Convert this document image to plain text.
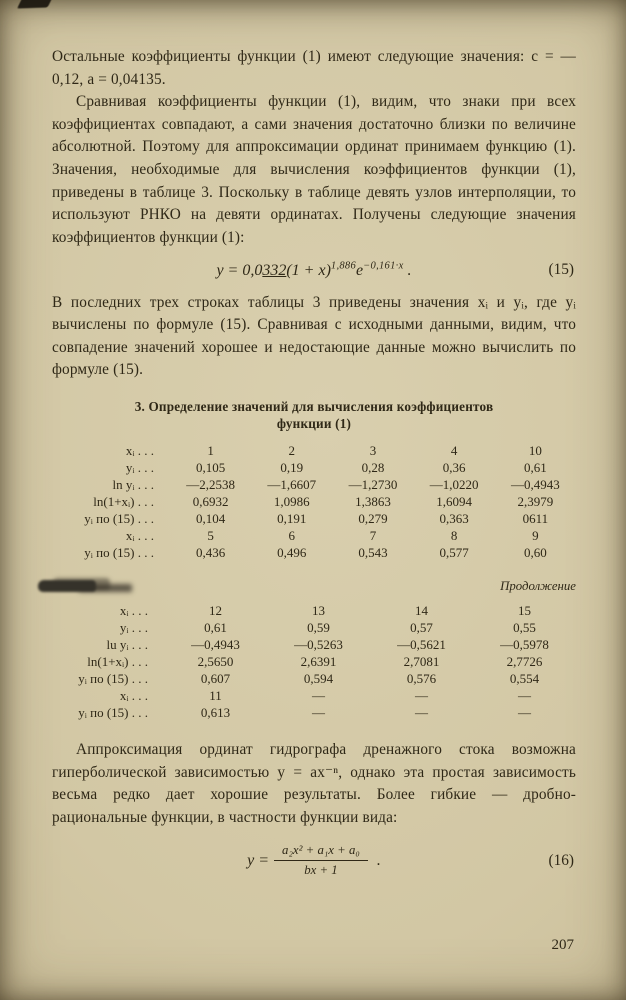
Остальные коэффициенты функции (1) имеют следующие значения: c = —0,12, a = 0,04135.

Сравнивая коэффициенты функции (1), видим, что знаки при всех коэффициентах совпадают, а сами значения достаточно близки по величине абсолютной. Поэтому для аппроксимации ординат принимаем функцию (1). Значения, необходимые для вычисления коэффициентов функции (1), приведены в таблице 3. Поскольку в таблице девять узлов интерполяции, то используют РНКО на девяти ординатах. Получены следующие значения коэффициентов функции (1):

$y = 0,0332(1 + x)^{1,886}e^{-0,161\cdot x}$ .	(15)

В последних трех строках таблицы 3 приведены значения xᵢ и yᵢ, где yᵢ вычислены по формуле (15). Сравнивая с исходными данными, видим, что совпадение значений хорошее и недостающие данные можно вычислить по формуле (15).

3. Определение значений для вычисления коэффициентов
функции (1)
xᵢ . . .	1	2	3	4	10
yᵢ . . .	0,105	0,19	0,28	0,36	0,61
ln yᵢ . . .	—2,2538	—1,6607	—1,2730	—1,0220	—0,4943
ln(1+xᵢ) . . .	0,6932	1,0986	1,3863	1,6094	2,3979
yᵢ по (15) . . .	0,104	0,191	0,279	0,363	0611
xᵢ . . .	5	6	7	8	9
yᵢ по (15) . . .	0,436	0,496	0,543	0,577	0,60
Продолжение
xᵢ . . .	12	13	14	15
yᵢ . . .	0,61	0,59	0,57	0,55
lu yᵢ . . .	—0,4943	—0,5263	—0,5621	—0,5978
ln(1+xᵢ) . . .	2,5650	2,6391	2,7081	2,7726
yᵢ по (15) . . .	0,607	0,594	0,576	0,554
xᵢ . . .	11	—	—	—
yᵢ по (15) . . .	0,613	—	—	—

Аппроксимация ординат гидрографа дренажного стока возможна гиперболической зависимостью y = ax⁻ⁿ, однако эта простая зависимость весьма редко дает хорошие результаты. Более гибкие — дробно-рациональные функции, в частности функции вида:

$y = \frac{\text{a₂x² + a₁x + a₀}}{bx + 1}$ .	(16)
207
